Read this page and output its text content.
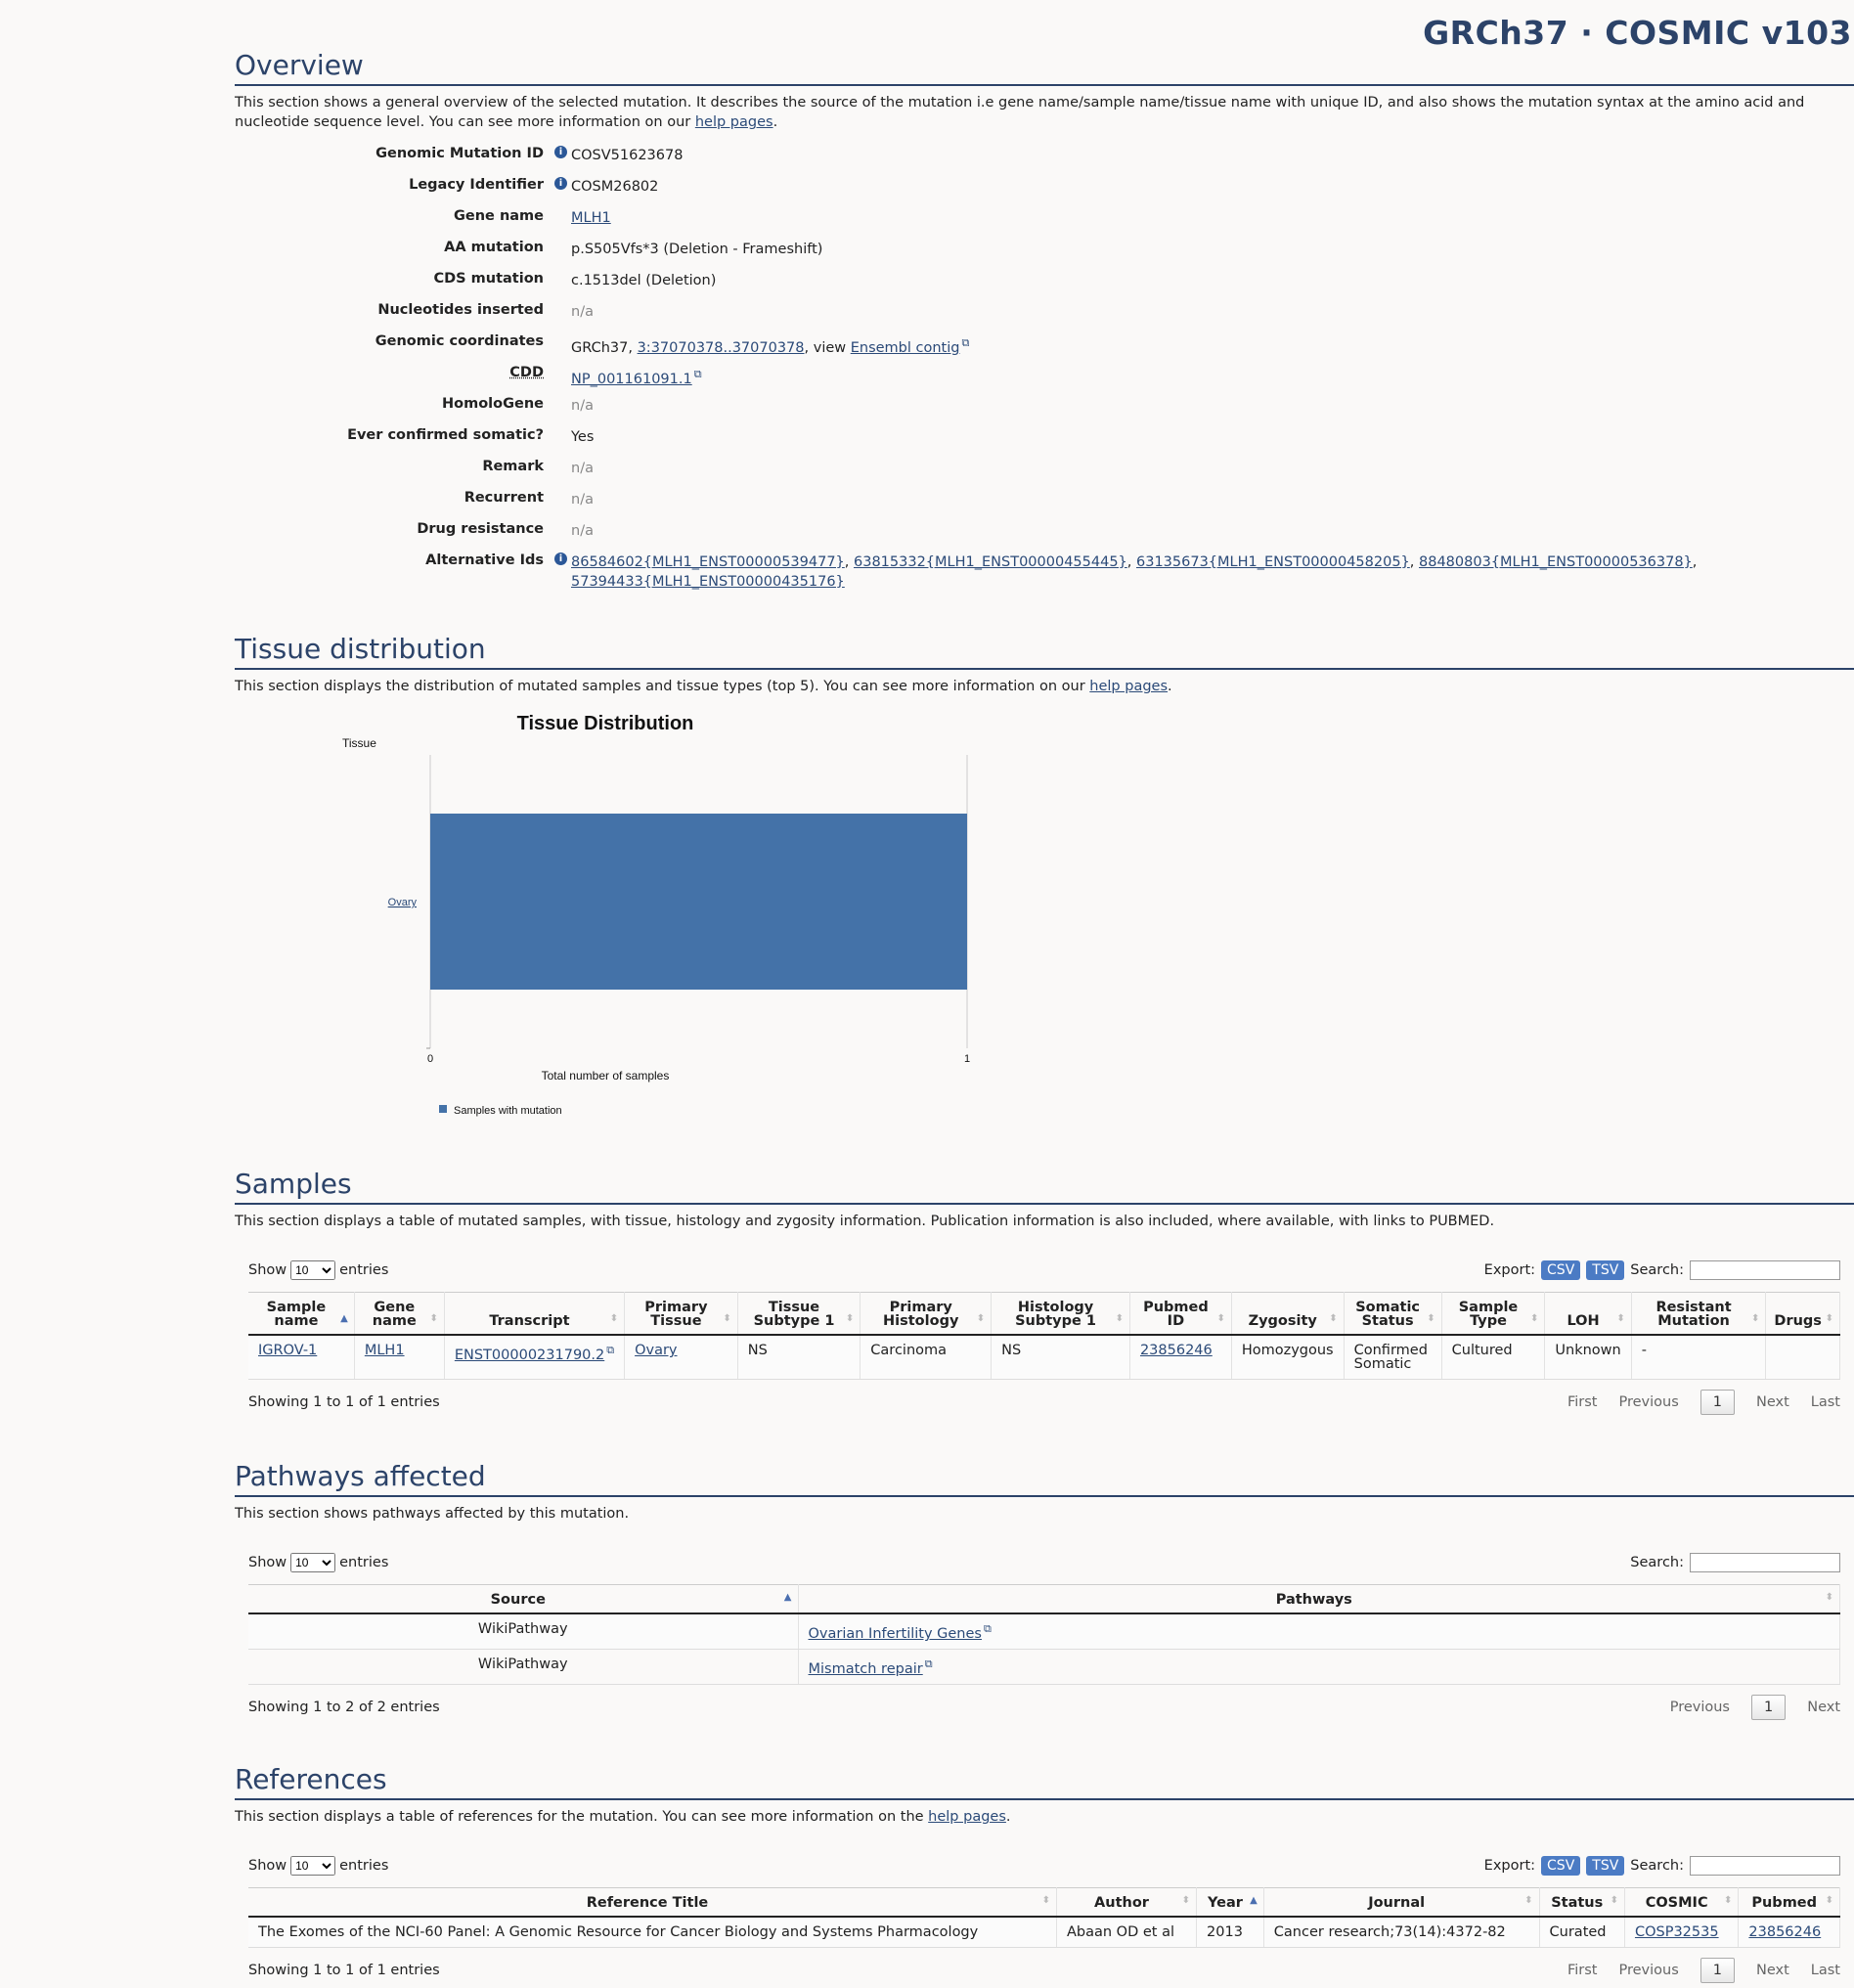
GRCh37 · COSMIC v103
Overview

This section shows a general overview of the selected mutation. It describes the source of the mutation i.e gene name/sample name/tissue name with unique ID, and also shows the mutation syntax at the amino acid and nucleotide sequence level. You can see more information on our help pages.

Genomic Mutation ID	i COSV51623678
Legacy Identifier	i COSM26802
Gene name	MLH1
AA mutation	p.S505Vfs*3 (Deletion - Frameshift)
CDS mutation	c.1513del (Deletion)
Nucleotides inserted	n/a
Genomic coordinates	GRCh37, 3:37070378..37070378, view Ensembl contig ⧉
CDD	NP_001161091.1 ⧉
HomoloGene	n/a
Ever confirmed somatic?	Yes
Remark	n/a
Recurrent	n/a
Drug resistance	n/a
Alternative Ids	i 86584602{MLH1_ENST00000539477}, 63815332{MLH1_ENST00000455445}, 63135673{MLH1_ENST00000458205}, 88480803{MLH1_ENST00000536378},
57394433{MLH1_ENST00000435176}
Tissue distribution

This section displays the distribution of mutated samples and tissue types (top 5). You can see more information on our help pages.

Tissue Distribution
Tissue
Ovary
0	1
Total number of samples
Samples with mutation
Samples

This section displays a table of mutated samples, with tissue, histology and zygosity information. Publication information is also included, where available, with links to PUBMED.

Show
10	entries	Export: CSV	TSV Search:
Sample name ▲	Gene name ⬍	Transcript ⬍	Primary Tissue ⬍	Tissue Subtype 1 ⬍	Primary Histology ⬍	Histology Subtype 1 ⬍	Pubmed ID ⬍	Zygosity ⬍	Somatic Status ⬍	Sample Type ⬍	LOH ⬍	Resistant Mutation ⬍	Drugs ⬍

IGROV-1	MLH1	ENST00000231790.2 ⧉	Ovary	NS	Carcinoma	NS	23856246	Homozygous	Confirmed Somatic	Cultured	Unknown	-	
Showing 1 to 1 of 1 entries	First Previous	1	Next Last
Pathways affected

This section shows pathways affected by this mutation.

Show
10	entries	Search:
Source ▲	Pathways ⬍

WikiPathway	Ovarian Infertility Genes ⧉
WikiPathway	Mismatch repair ⧉
Showing 1 to 2 of 2 entries	Previous	1	Next
References

This section displays a table of references for the mutation. You can see more information on the help pages.

Show
10	entries	Export: CSV	TSV Search:
Reference Title ⬍	Author ⬍	Year ▲	Journal ⬍	Status ⬍	COSMIC ⬍	Pubmed ⬍

The Exomes of the NCI-60 Panel: A Genomic Resource for Cancer Biology and Systems Pharmacology	Abaan OD et al	2013	Cancer research;73(14):4372-82	Curated	COSP32535	23856246
Showing 1 to 1 of 1 entries	First Previous	1	Next Last
